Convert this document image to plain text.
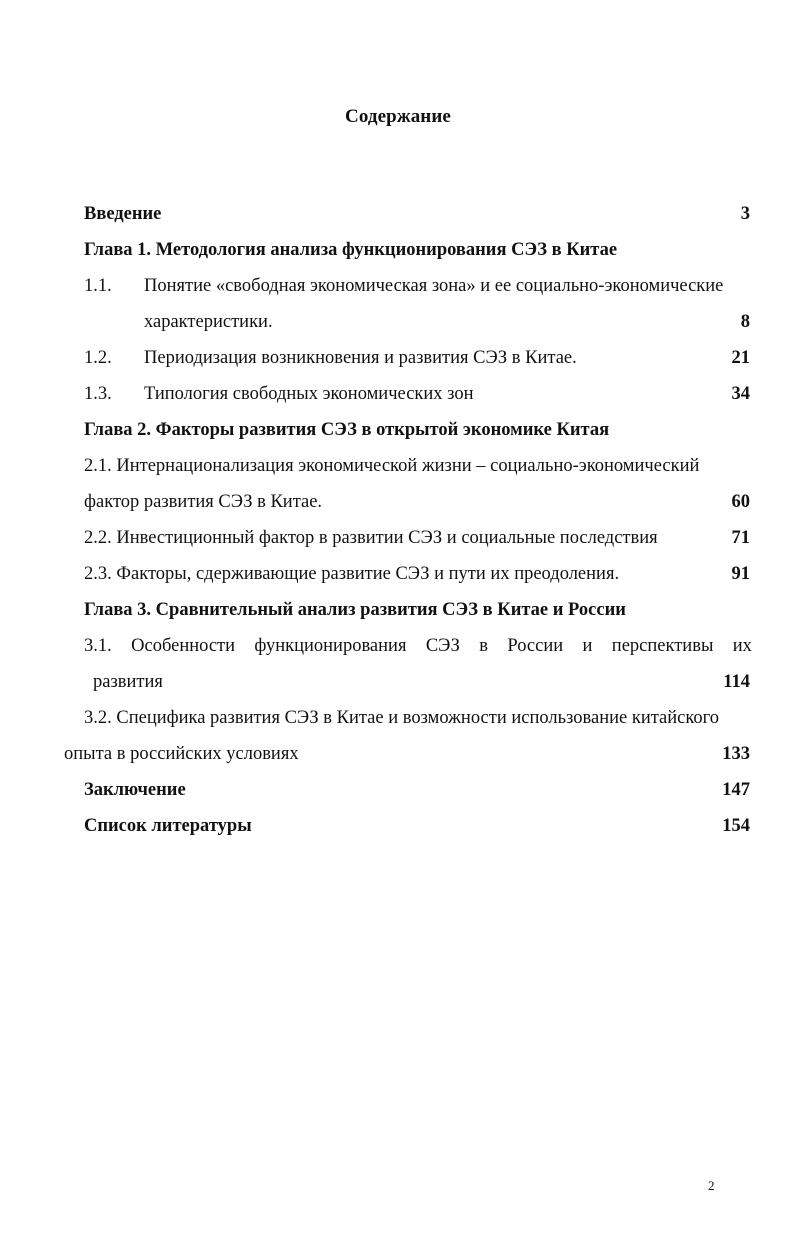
Содержание
Введение	3
Глава 1. Методология анализа функционирования СЭЗ в Китае
1.1. Понятие «свободная экономическая зона» и ее социально-экономические
характеристики.	8
1.2. Периодизация возникновения и развития СЭЗ в Китае.	21
1.3. Типология свободных экономических зон	34
Глава 2. Факторы развития СЭЗ в открытой экономике Китая
2.1. Интернационализация экономической жизни – социально-экономический
фактор развития СЭЗ в Китае.	60
2.2. Инвестиционный фактор в развитии СЭЗ и социальные последствия	71
2.3. Факторы, сдерживающие развитие СЭЗ и пути их преодоления.	91
Глава 3. Сравнительный анализ развития СЭЗ в Китае и России
3.1. Особенности функционирования СЭЗ в России и перспективы их
развития	114
3.2. Специфика развития СЭЗ в Китае и возможности использование китайского
опыта в российских условиях	133
Заключение	147
Список литературы	154
2
